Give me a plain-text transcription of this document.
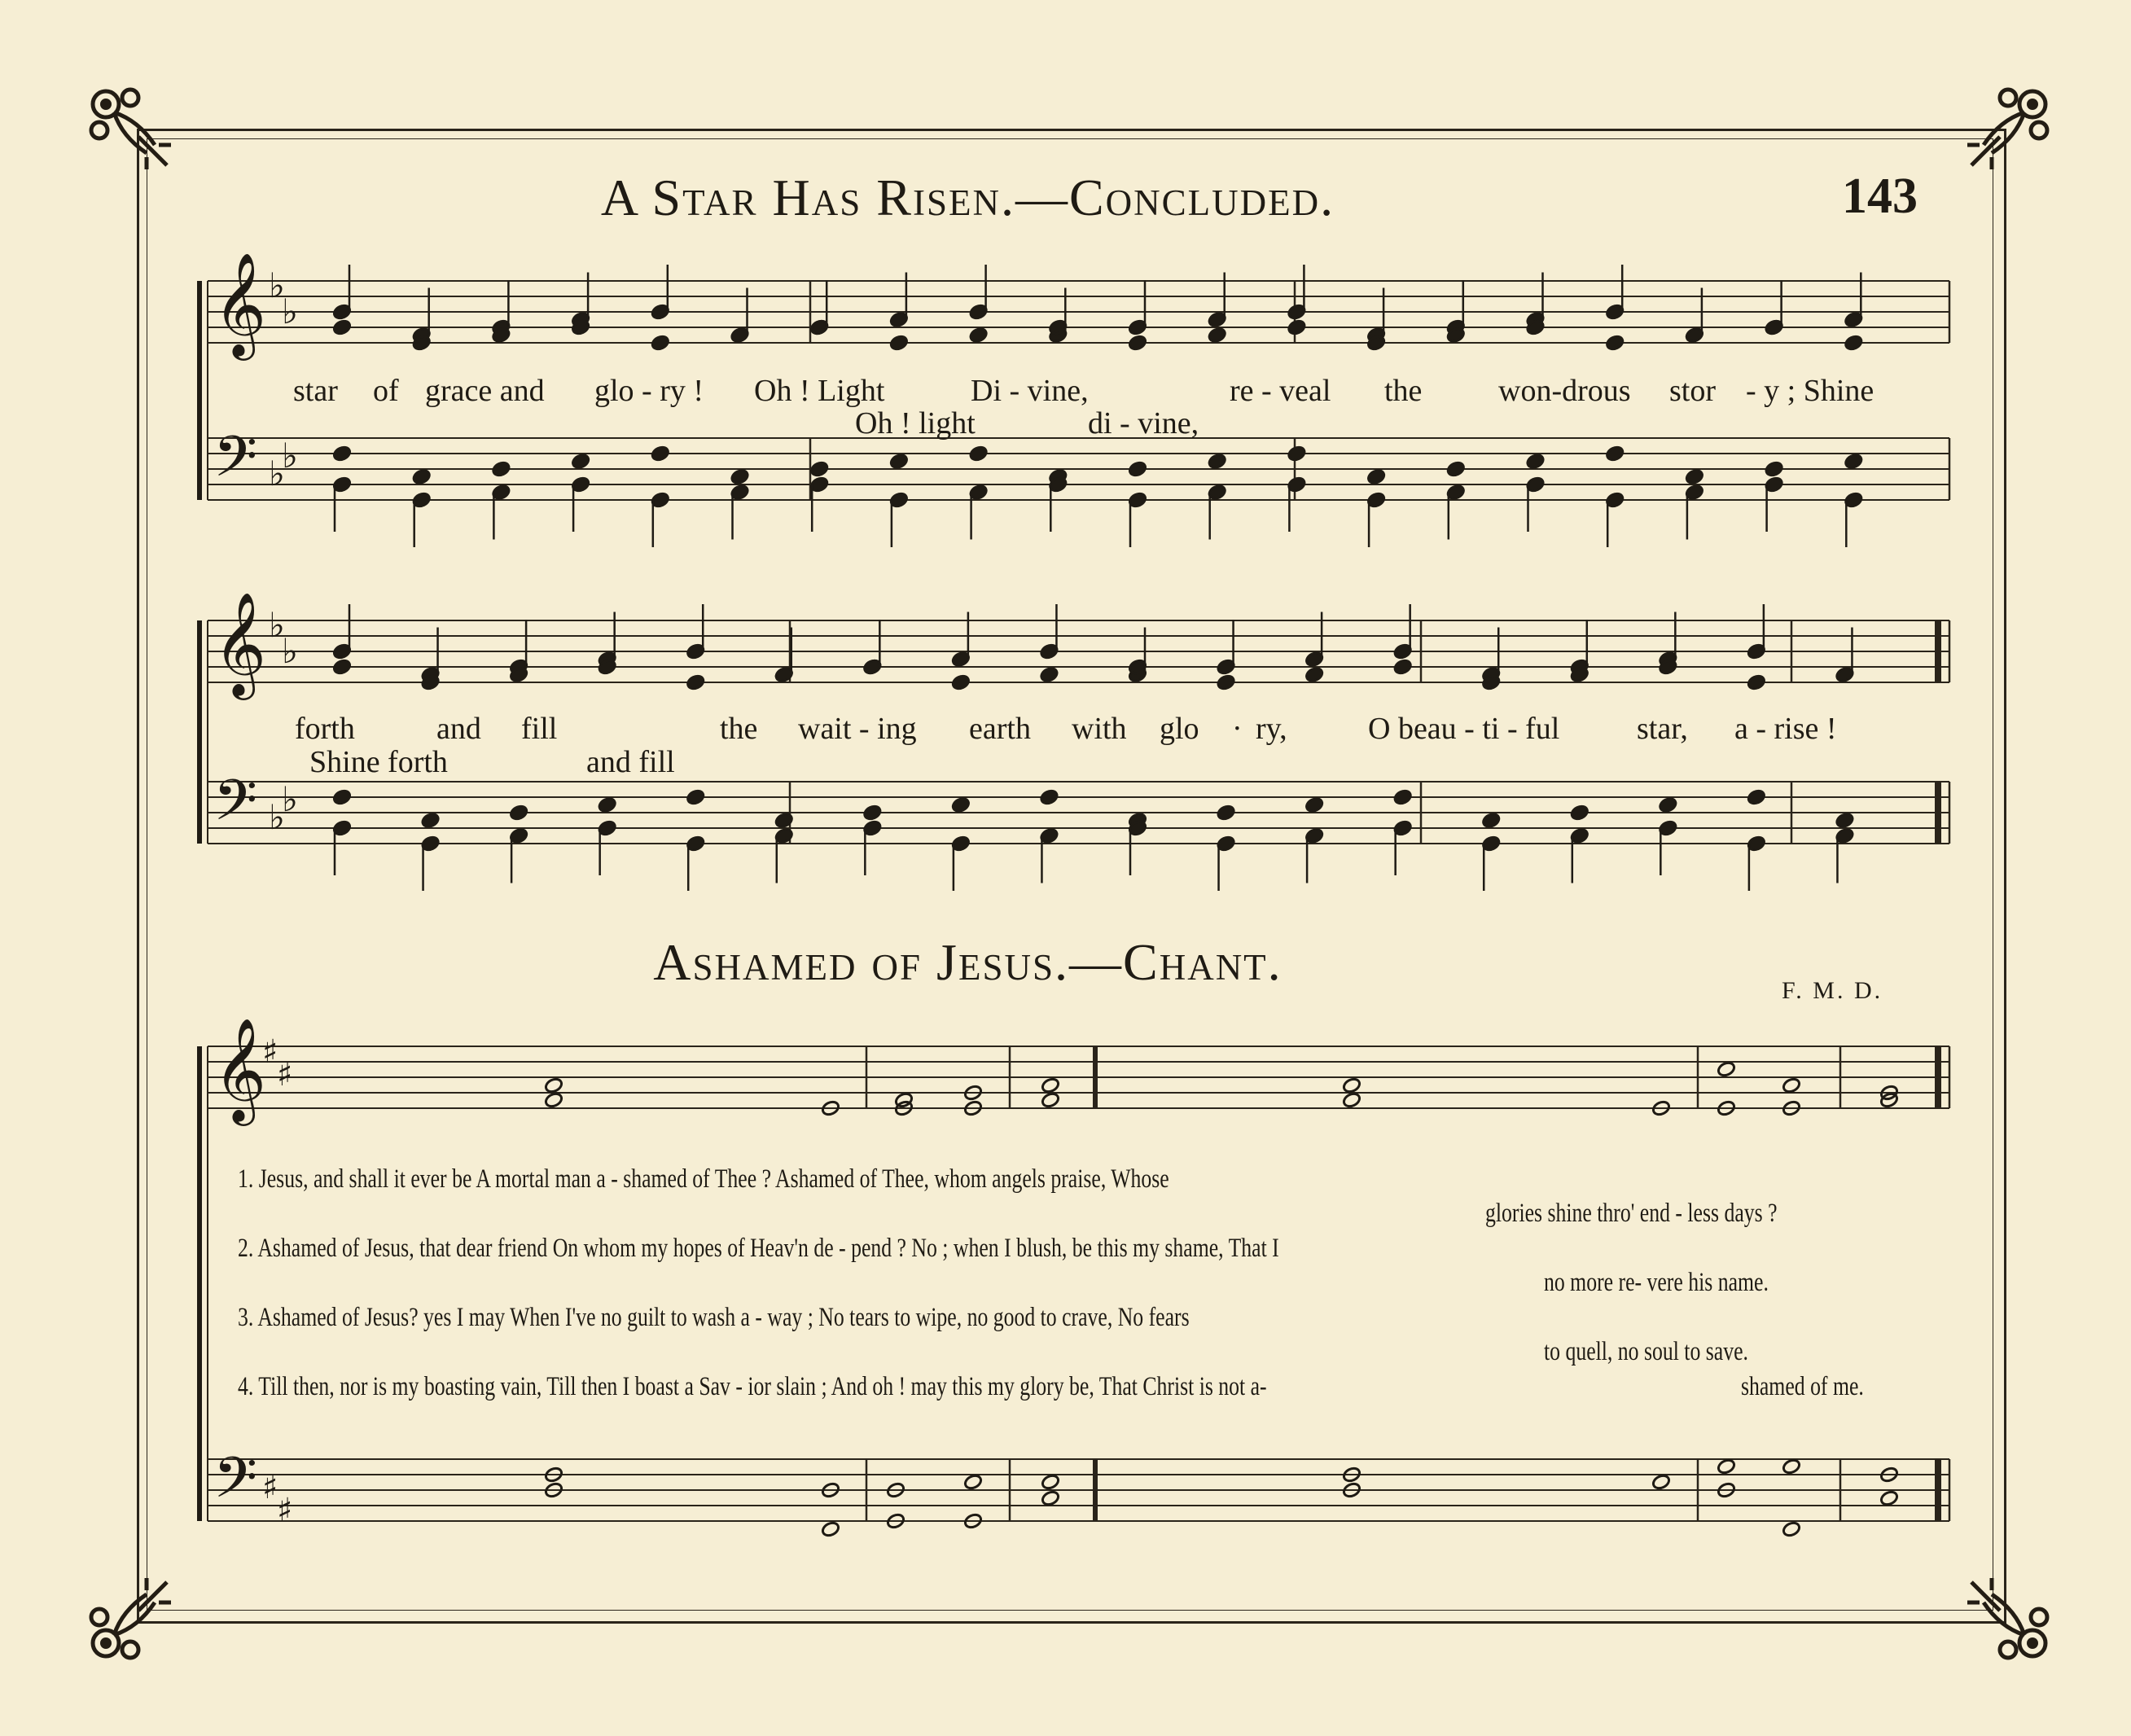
A Star Has Risen.—Concluded.	143
𝄞
𝄢
♭
♭
♭
♭
𝄞
𝄢
♭
♭
♭
♭
𝄞
𝄢
♯
♯
♯
♯
star of grace and glo - ry ! Oh ! Light	Di - vine,	re - veal the won-drous stor - y ; Shine
Oh ! light	di - vine,
forth	and fill	the wait - ing earth with glo · ry,	O beau - ti - ful star, a - rise !
Shine forth	and fill
Ashamed of Jesus.—Chant.	F. M. D.
1. Jesus, and shall it ever be A mortal man a - shamed of Thee ? Ashamed of Thee, whom angels praise, Whose
glories shine thro' end - less days ?
2. Ashamed of Jesus, that dear friend On whom my hopes of Heav'n de - pend ? No ; when I blush, be this my shame, That I
no more re- vere his name.
3. Ashamed of Jesus? yes I may When I've no guilt to wash a - way ; No tears to wipe, no good to crave, No fears
to quell, no soul to save.
4. Till then, nor is my boasting vain, Till then I boast a Sav - ior slain ; And oh ! may this my glory be, That Christ is not a-	shamed of me.
